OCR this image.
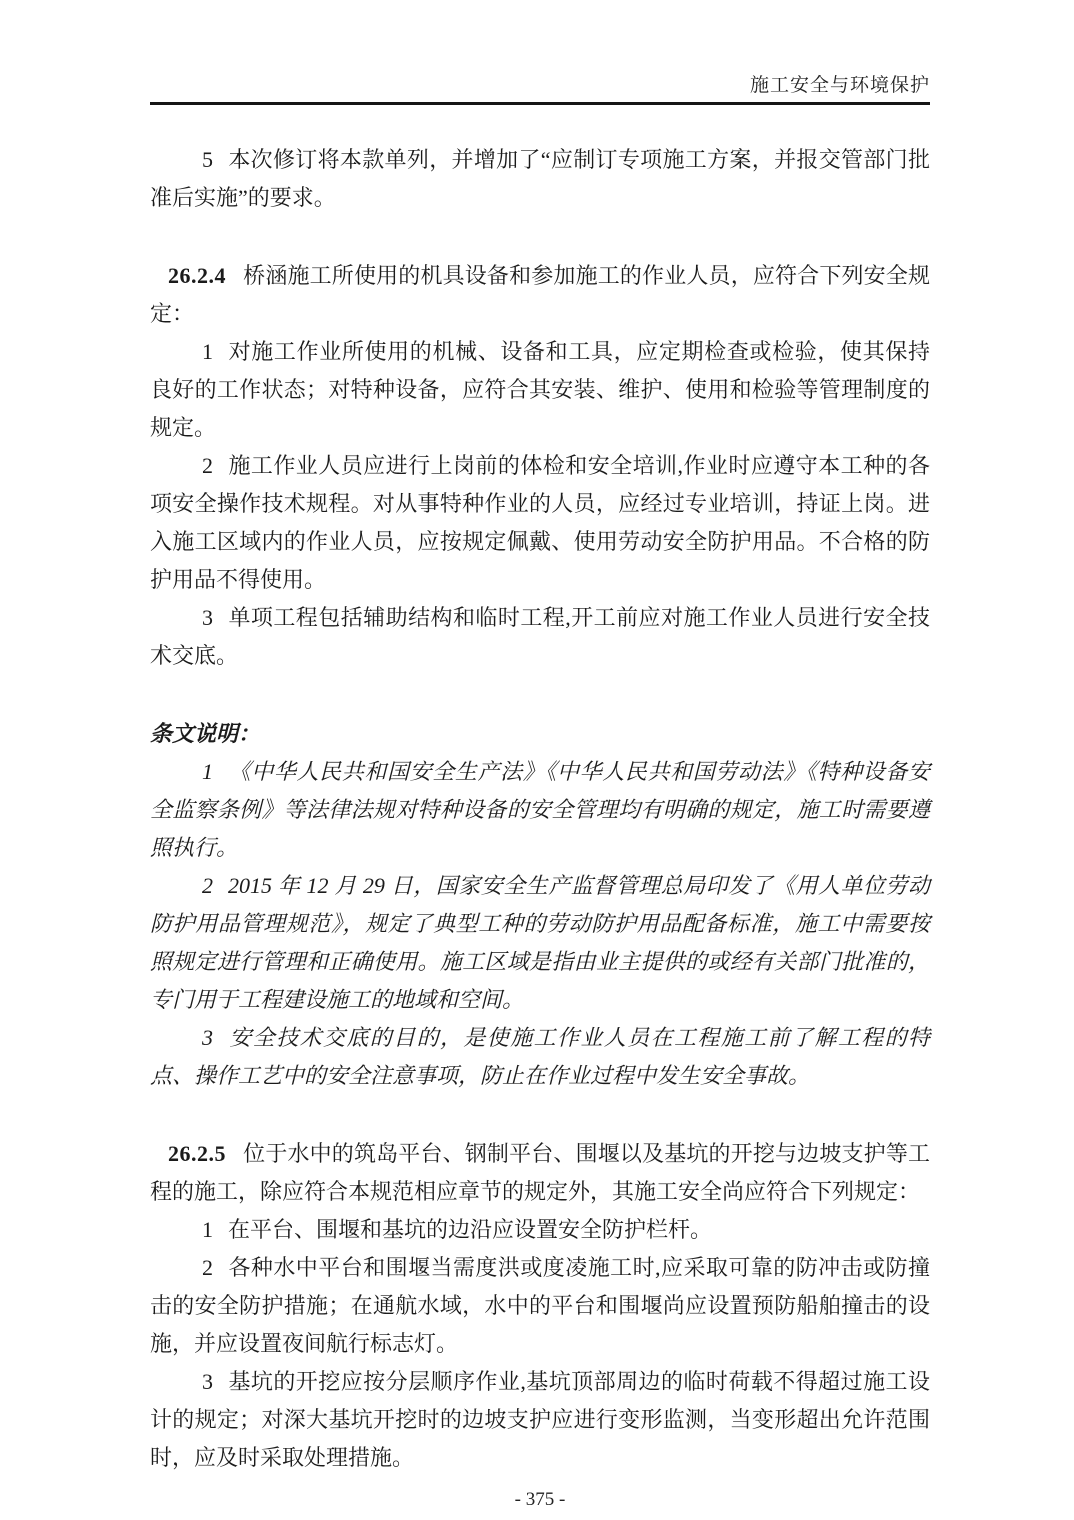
施工安全与环境保护

5 本次修订将本款单列，并增加了“应制订专项施工方案，并报交管部门批准后实施”的要求。

26.2.4 桥涵施工所使用的机具设备和参加施工的作业人员，应符合下列安全规定：

1 对施工作业所使用的机械、设备和工具，应定期检查或检验，使其保持良好的工作状态；对特种设备，应符合其安装、维护、使用和检验等管理制度的规定。

2 施工作业人员应进行上岗前的体检和安全培训,作业时应遵守本工种的各项安全操作技术规程。对从事特种作业的人员，应经过专业培训，持证上岗。进入施工区域内的作业人员，应按规定佩戴、使用劳动安全防护用品。不合格的防护用品不得使用。

3 单项工程包括辅助结构和临时工程,开工前应对施工作业人员进行安全技术交底。

条文说明：

1 《中华人民共和国安全生产法》《中华人民共和国劳动法》《特种设备安全监察条例》等法律法规对特种设备的安全管理均有明确的规定，施工时需要遵照执行。

2 2015 年 12 月 29 日，国家安全生产监督管理总局印发了《用人单位劳动防护用品管理规范》，规定了典型工种的劳动防护用品配备标准，施工中需要按照规定进行管理和正确使用。施工区域是指由业主提供的或经有关部门批准的，专门用于工程建设施工的地域和空间。

3 安全技术交底的目的，是使施工作业人员在工程施工前了解工程的特点、操作工艺中的安全注意事项，防止在作业过程中发生安全事故。

26.2.5 位于水中的筑岛平台、钢制平台、围堰以及基坑的开挖与边坡支护等工程的施工，除应符合本规范相应章节的规定外，其施工安全尚应符合下列规定：

1 在平台、围堰和基坑的边沿应设置安全防护栏杆。

2 各种水中平台和围堰当需度洪或度凌施工时,应采取可靠的防冲击或防撞击的安全防护措施；在通航水域，水中的平台和围堰尚应设置预防船舶撞击的设施，并应设置夜间航行标志灯。

3 基坑的开挖应按分层顺序作业,基坑顶部周边的临时荷载不得超过施工设计的规定；对深大基坑开挖时的边坡支护应进行变形监测，当变形超出允许范围时，应及时采取处理措施。

- 375 -
